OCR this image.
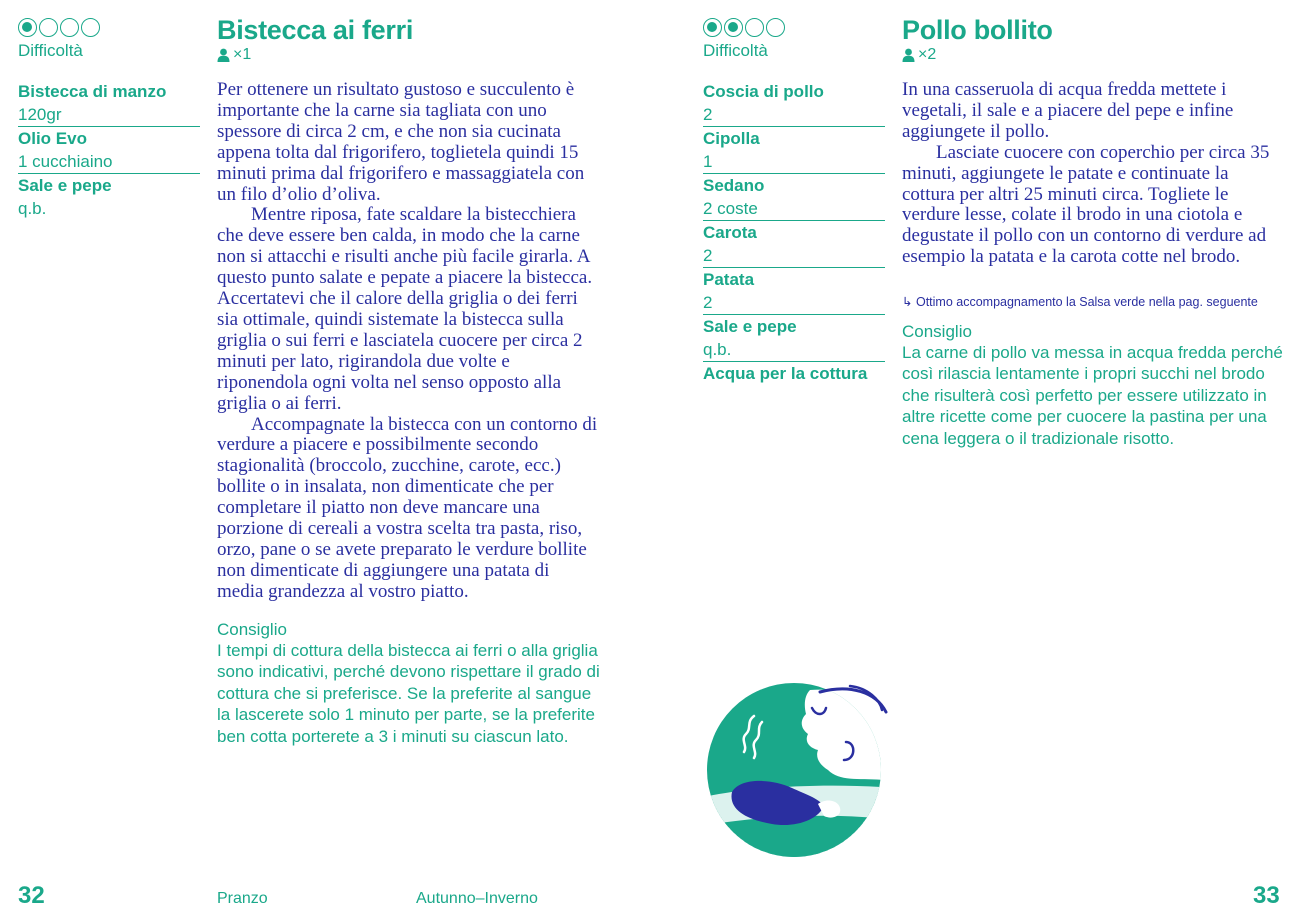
Difficoltà
Bistecca ai ferri
×1
Bistecca di manzo
120gr
Olio Evo
1 cucchiaino
Sale e pepe
q.b.

Per ottenere un risultato gustoso e succulento è importante che la carne sia tagliata con uno spessore di circa 2 cm, e che non sia cucinata appena tolta dal frigorifero, toglietela quindi 15 minuti prima dal frigorifero e massaggiatela con un filo d’olio d’oliva.

Mentre riposa, fate scaldare la bistecchiera che deve essere ben calda, in modo che la carne non si attacchi e risulti anche più facile girarla. A questo punto salate e pepate a piacere la bistecca. Accertatevi che il calore della griglia o dei ferri sia ottimale, quindi sistemate la bistecca sulla griglia o sui ferri e lasciatela cuocere per circa 2 minuti per lato, rigirandola due volte e riponendola ogni volta nel senso opposto alla griglia o ai ferri.

Accompagnate la bistecca con un contorno di verdure a piacere e possibilmente secondo stagionalità (broccolo, zucchine, carote, ecc.) bollite o in insalata, non dimenticate che per completare il piatto non deve mancare una porzione di cereali a vostra scelta tra pasta, riso, orzo, pane o se avete preparato le verdure bollite non dimenticate di aggiungere una patata di media grandezza al vostro piatto.

Consiglio
I tempi di cottura della bistecca ai ferri o alla griglia sono indicativi, perché devono rispettare il grado di cottura che si preferisce. Se la preferite al sangue la lascerete solo 1 minuto per parte, se la preferite ben cotta porterete a 3 i minuti su ciascun lato.
32	Pranzo	Autunno–Inverno
Difficoltà
Pollo bollito
×2
Coscia di pollo
2
Cipolla
1
Sedano
2 coste
Carota
2
Patata
2
Sale e pepe
q.b.
Acqua per la cottura

In una casseruola di acqua fredda mettete i vegetali, il sale e a piacere del pepe e infine aggiungete il pollo.

Lasciate cuocere con coperchio per circa 35 minuti, aggiungete le patate e continuate la cottura per altri 25 minuti circa. Togliete le verdure lesse, colate il brodo in una ciotola e degustate il pollo con un contorno di verdure ad esempio la patata e la carota cotte nel brodo.

↳ Ottimo accompagnamento la Salsa verde nella pag. seguente
Consiglio
La carne di pollo va messa in acqua fredda perché così rilascia lentamente i propri succhi nel brodo che risulterà così perfetto per essere utilizzato in altre ricette come per cuocere la pastina per una cena leggera o il tradizionale risotto.
33
